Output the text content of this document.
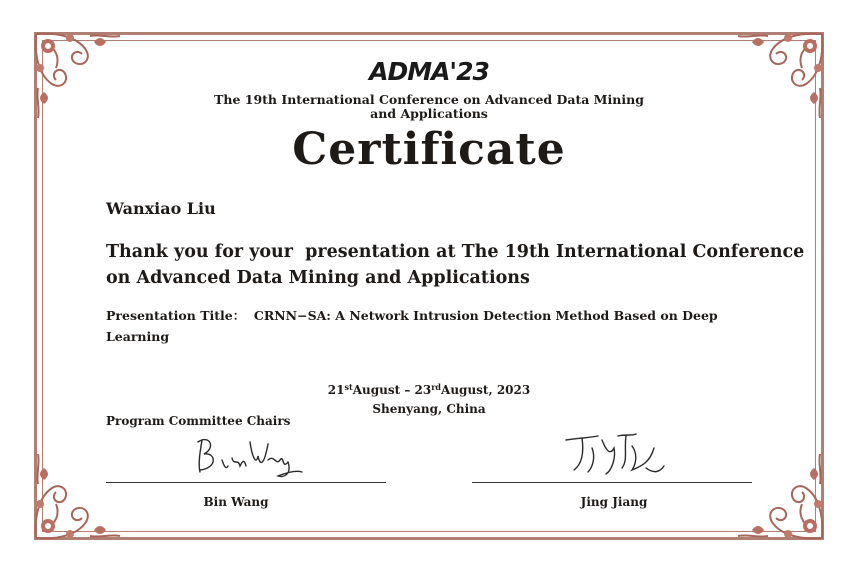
ADMA'23
The 19th International Conference on Advanced Data Mining
and Applications
Certificate
Wanxiao Liu
Thank you for your  presentation at The 19th International Conference
on Advanced Data Mining and Applications
Presentation Title：  CRNN−SA: A Network Intrusion Detection Method Based on Deep
Learning
21stAugust – 23rdAugust, 2023
Shenyang, China
Program Committee Chairs
Bin Wang	Jing Jiang
